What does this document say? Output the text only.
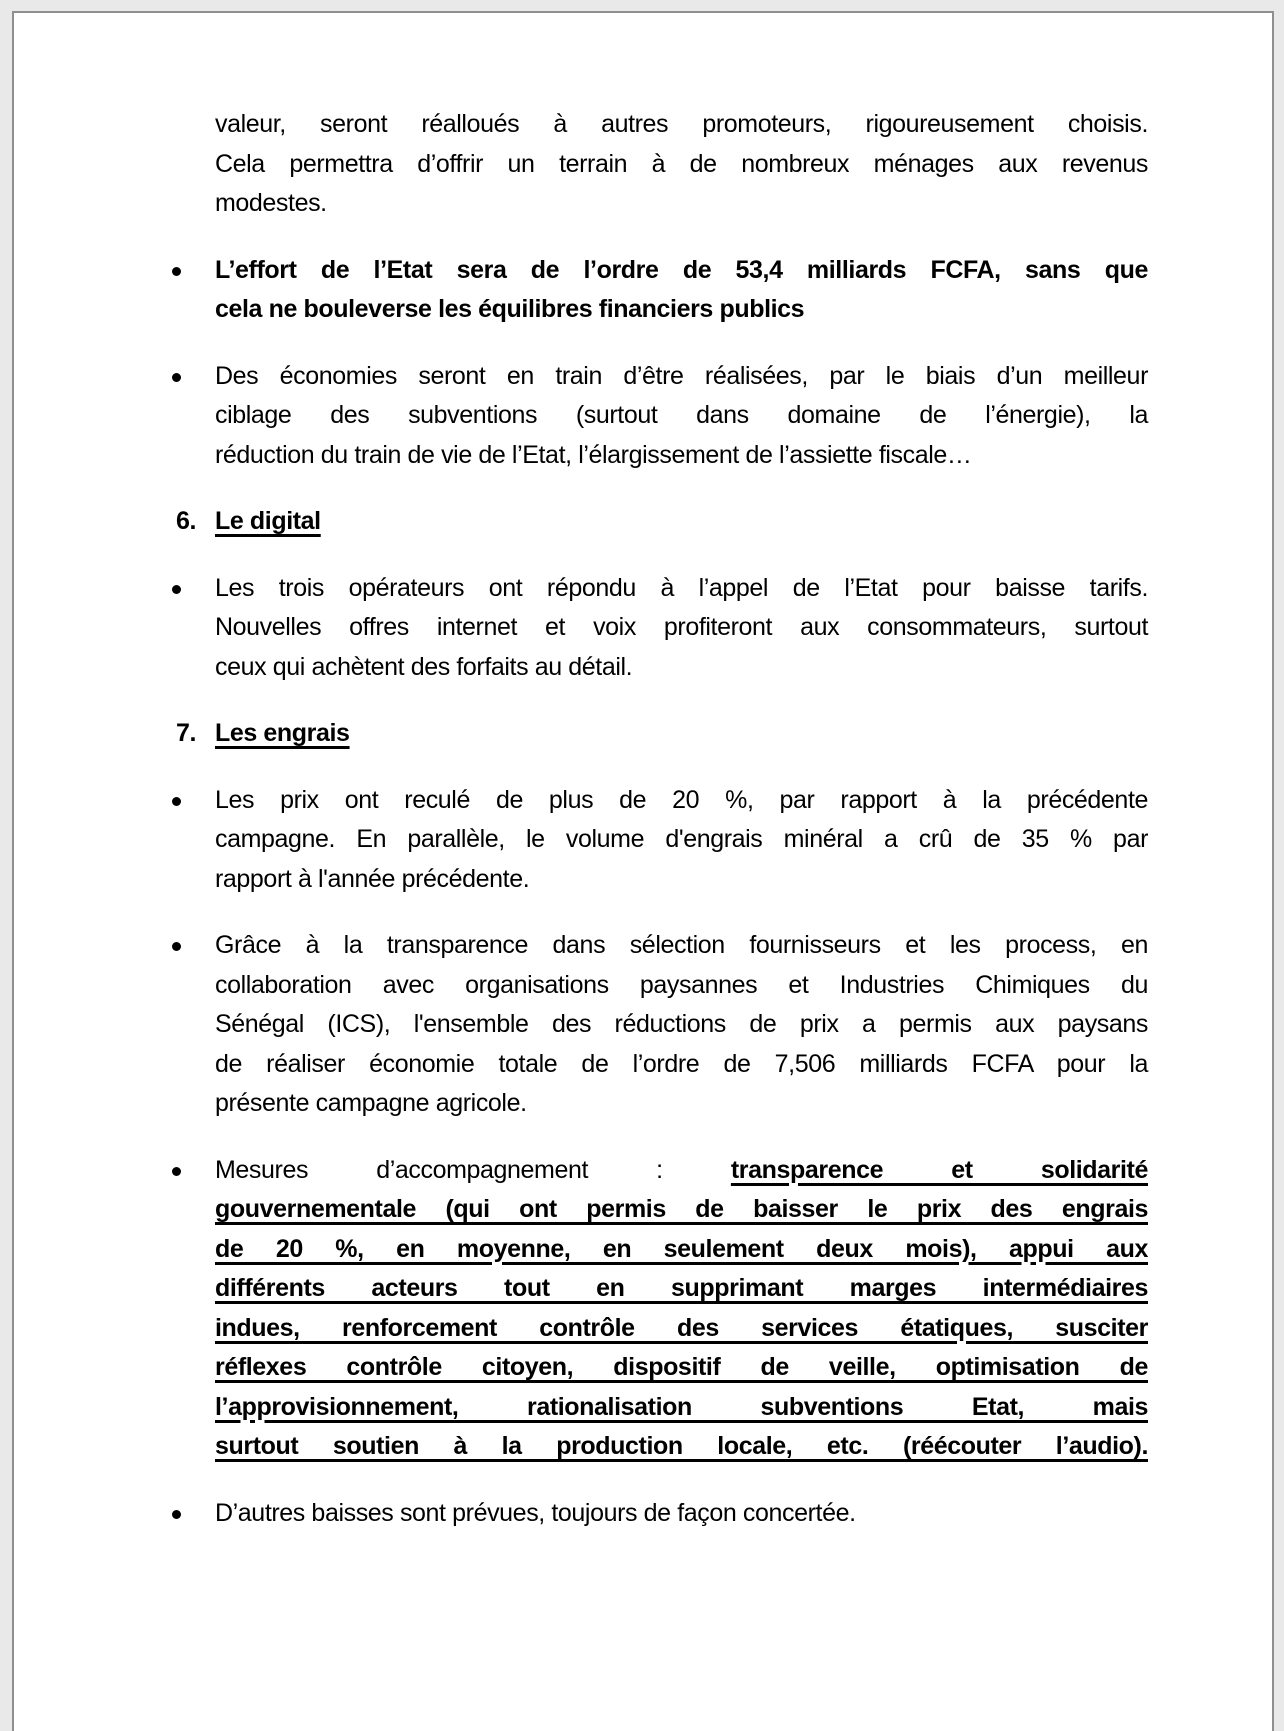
valeur, seront réalloués à autres promoteurs, rigoureusement choisis.
Cela permettra d’offrir un terrain à de nombreux ménages aux revenus
modestes.
L’effort de l’Etat sera de l’ordre de 53,4 milliards FCFA, sans que
cela ne bouleverse les équilibres financiers publics
Des économies seront en train d’être réalisées, par le biais d’un meilleur
ciblage des subventions (surtout dans domaine de l’énergie), la
réduction du train de vie de l’Etat, l’élargissement de l’assiette fiscale…
6. Le digital
Les trois opérateurs ont répondu à l’appel de l’Etat pour baisse tarifs.
Nouvelles offres internet et voix profiteront aux consommateurs, surtout
ceux qui achètent des forfaits au détail.
7. Les engrais
Les prix ont reculé de plus de 20 %, par rapport à la précédente
campagne. En parallèle, le volume d'engrais minéral a crû de 35 % par
rapport à l'année précédente.
Grâce à la transparence dans sélection fournisseurs et les process, en
collaboration avec organisations paysannes et Industries Chimiques du
Sénégal (ICS), l'ensemble des réductions de prix a permis aux paysans
de réaliser économie totale de l’ordre de 7,506 milliards FCFA pour la
présente campagne agricole.
Mesures d’accompagnement : transparence et solidarité
gouvernementale (qui ont permis de baisser le prix des engrais
de 20 %, en moyenne, en seulement deux mois), appui aux
différents acteurs tout en supprimant marges intermédiaires
indues, renforcement contrôle des services étatiques, susciter
réflexes contrôle citoyen, dispositif de veille, optimisation de
l’approvisionnement, rationalisation subventions Etat, mais
surtout soutien à la production locale, etc. (réécouter l’audio).
D’autres baisses sont prévues, toujours de façon concertée.
